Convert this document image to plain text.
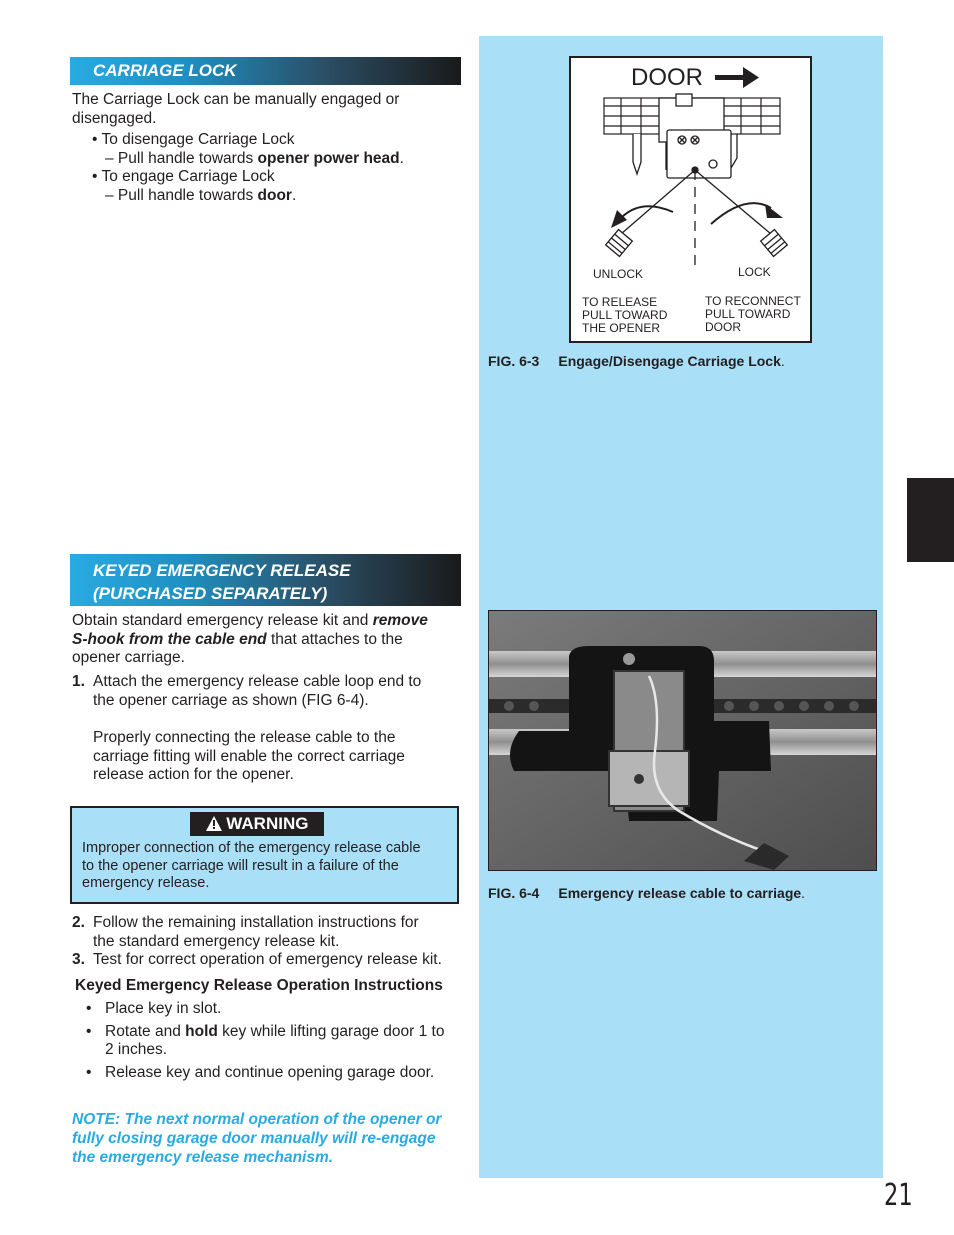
CARRIAGE LOCK
The Carriage Lock can be manually engaged or
disengaged.
• To disengage Carriage Lock
– Pull handle towards opener power head.
• To engage Carriage Lock
– Pull handle towards door.
DOOR
UNLOCK	LOCK
TO RELEASE
PULL TOWARD
THE OPENER
TO RECONNECT
PULL TOWARD
DOOR
FIG. 6-3 Engage/Disengage Carriage Lock.
KEYED EMERGENCY RELEASE
(PURCHASED SEPARATELY)
Obtain standard emergency release kit and remove
S-hook from the cable end that attaches to the
opener carriage.
1. Attach the emergency release cable loop end to
the opener carriage as shown (FIG 6-4).
Properly connecting the release cable to the
carriage fitting will enable the correct carriage
release action for the opener.
WARNING
Improper connection of the emergency release cable
to the opener carriage will result in a failure of the
emergency release.
2. Follow the remaining installation instructions for
the standard emergency release kit.
3. Test for correct operation of emergency release kit.
Keyed Emergency Release Operation Instructions
• Place key in slot.
• Rotate and hold key while lifting garage door 1 to
2 inches.
• Release key and continue opening garage door.
NOTE: The next normal operation of the opener or
fully closing garage door manually will re-engage
the emergency release mechanism.
FIG. 6-4 Emergency release cable to carriage.
21
